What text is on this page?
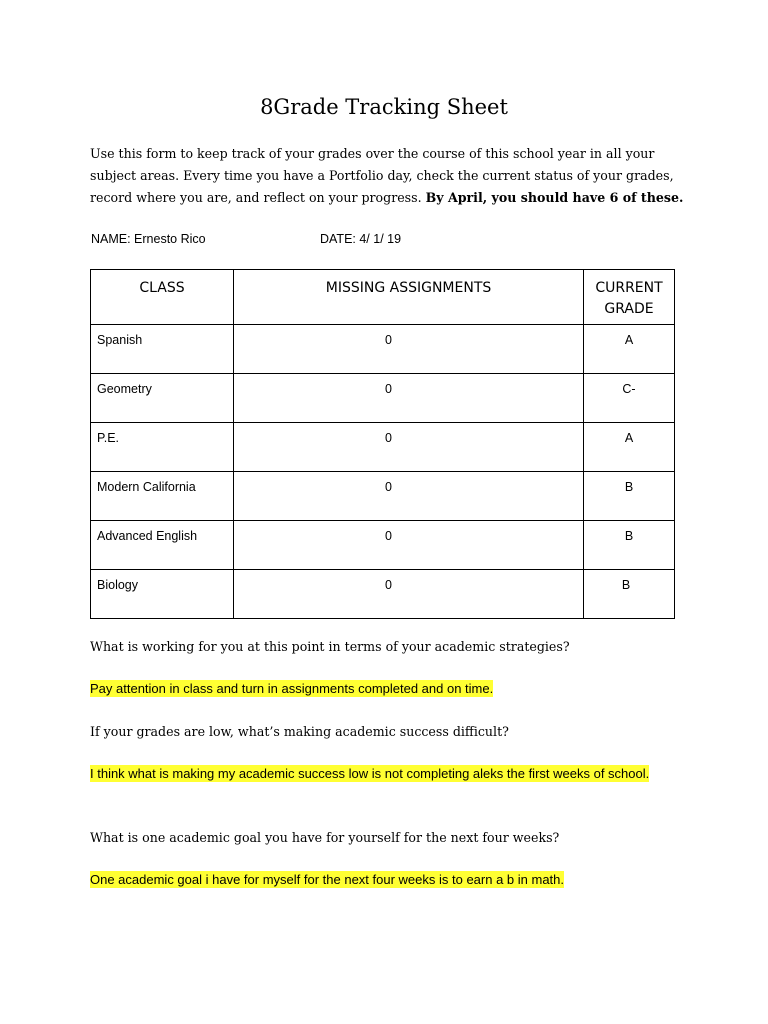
8Grade Tracking Sheet
Use this form to keep track of your grades over the course of this school year in all your subject areas. Every time you have a Portfolio day, check the current status of your grades, record where you are, and reflect on your progress. By April, you should have 6 of these.
NAME: Ernesto Rico	DATE: 4/ 1/ 19
CLASS	MISSING ASSIGNMENTS	CURRENT GRADE
Spanish	0	A
Geometry	0	C-
P.E.	0	A
Modern California	0	B
Advanced English	0	B
Biology	0	B
What is working for you at this point in terms of your academic strategies?
Pay attention in class and turn in assignments completed and on time.
If your grades are low, what’s making academic success difficult?
I think what is making my academic success low is not completing aleks the first weeks of school.
What is one academic goal you have for yourself for the next four weeks?
One academic goal i have for myself for the next four weeks is to earn a b in math.
